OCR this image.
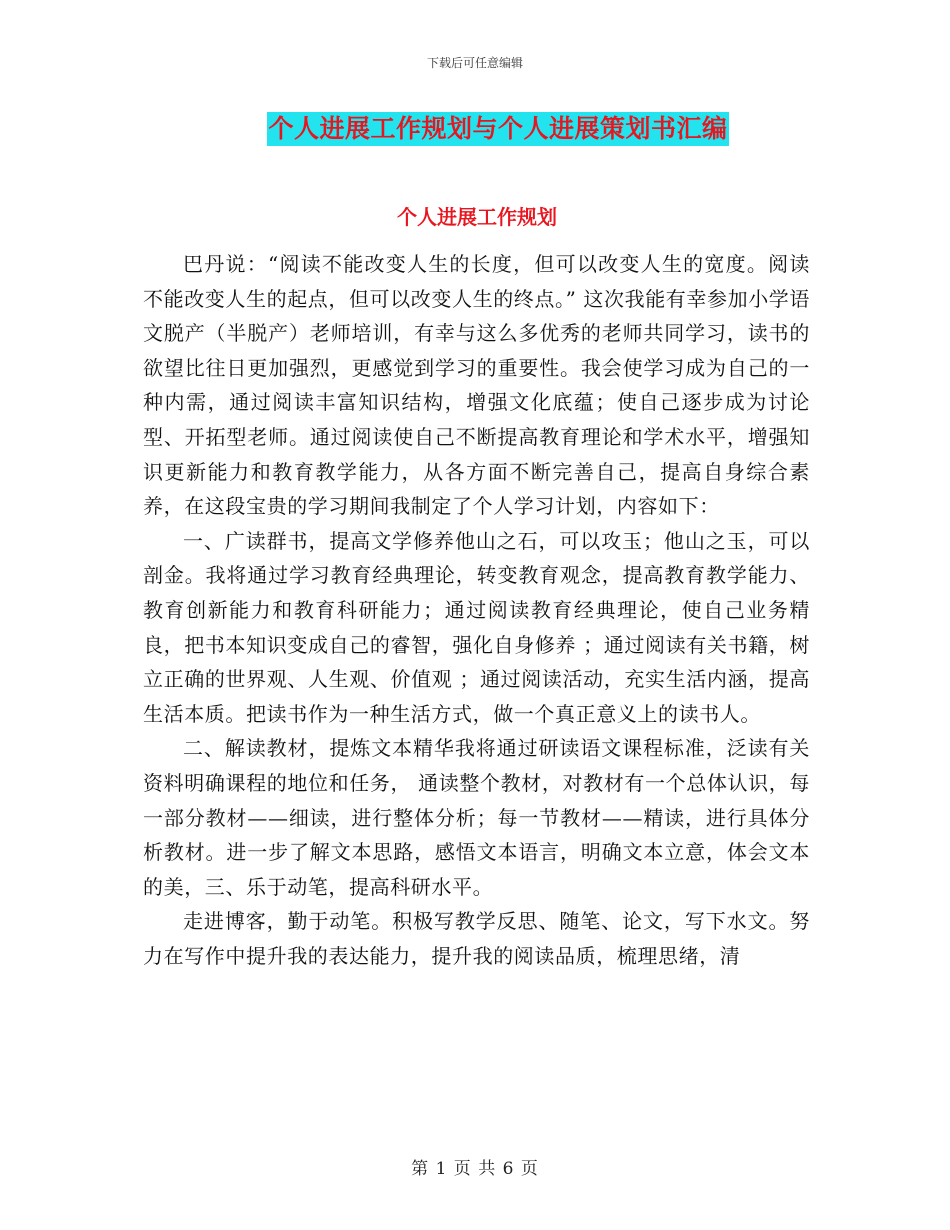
下载后可任意编辑
个人进展工作规划与个人进展策划书汇编
个人进展工作规划

巴丹说：“阅读不能改变人生的长度，但可以改变人生的宽度。阅读不能改变人生的起点，但可以改变人生的终点。” 这次我能有幸参加小学语文脱产（半脱产）老师培训，有幸与这么多优秀的老师共同学习，读书的欲望比往日更加强烈，更感觉到学习的重要性。我会使学习成为自己的一种内需，通过阅读丰富知识结构，增强文化底蕴；使自己逐步成为讨论型、开拓型老师。通过阅读使自己不断提高教育理论和学术水平，增强知识更新能力和教育教学能力，从各方面不断完善自己，提高自身综合素养，在这段宝贵的学习期间我制定了个人学习计划，内容如下：

一、广读群书，提高文学修养他山之石，可以攻玉；他山之玉，可以剖金。我将通过学习教育经典理论，转变教育观念，提高教育教学能力、教育创新能力和教育科研能力；通过阅读教育经典理论，使自己业务精良，把书本知识变成自己的睿智，强化自身修养 ；通过阅读有关书籍，树立正确的世界观、人生观、价值观 ；通过阅读活动，充实生活内涵，提高生活本质。把读书作为一种生活方式，做一个真正意义上的读书人。

二、解读教材，提炼文本精华我将通过研读语文课程标准，泛读有关资料明确课程的地位和任务， 通读整个教材，对教材有一个总体认识，每一部分教材——细读，进行整体分析；每一节教材——精读，进行具体分析教材。进一步了解文本思路，感悟文本语言，明确文本立意，体会文本的美，三、乐于动笔，提高科研水平。

走进博客，勤于动笔。积极写教学反思、随笔、论文，写下水文。努力在写作中提升我的表达能力，提升我的阅读品质，梳理思绪，清

第 1 页 共 6 页
